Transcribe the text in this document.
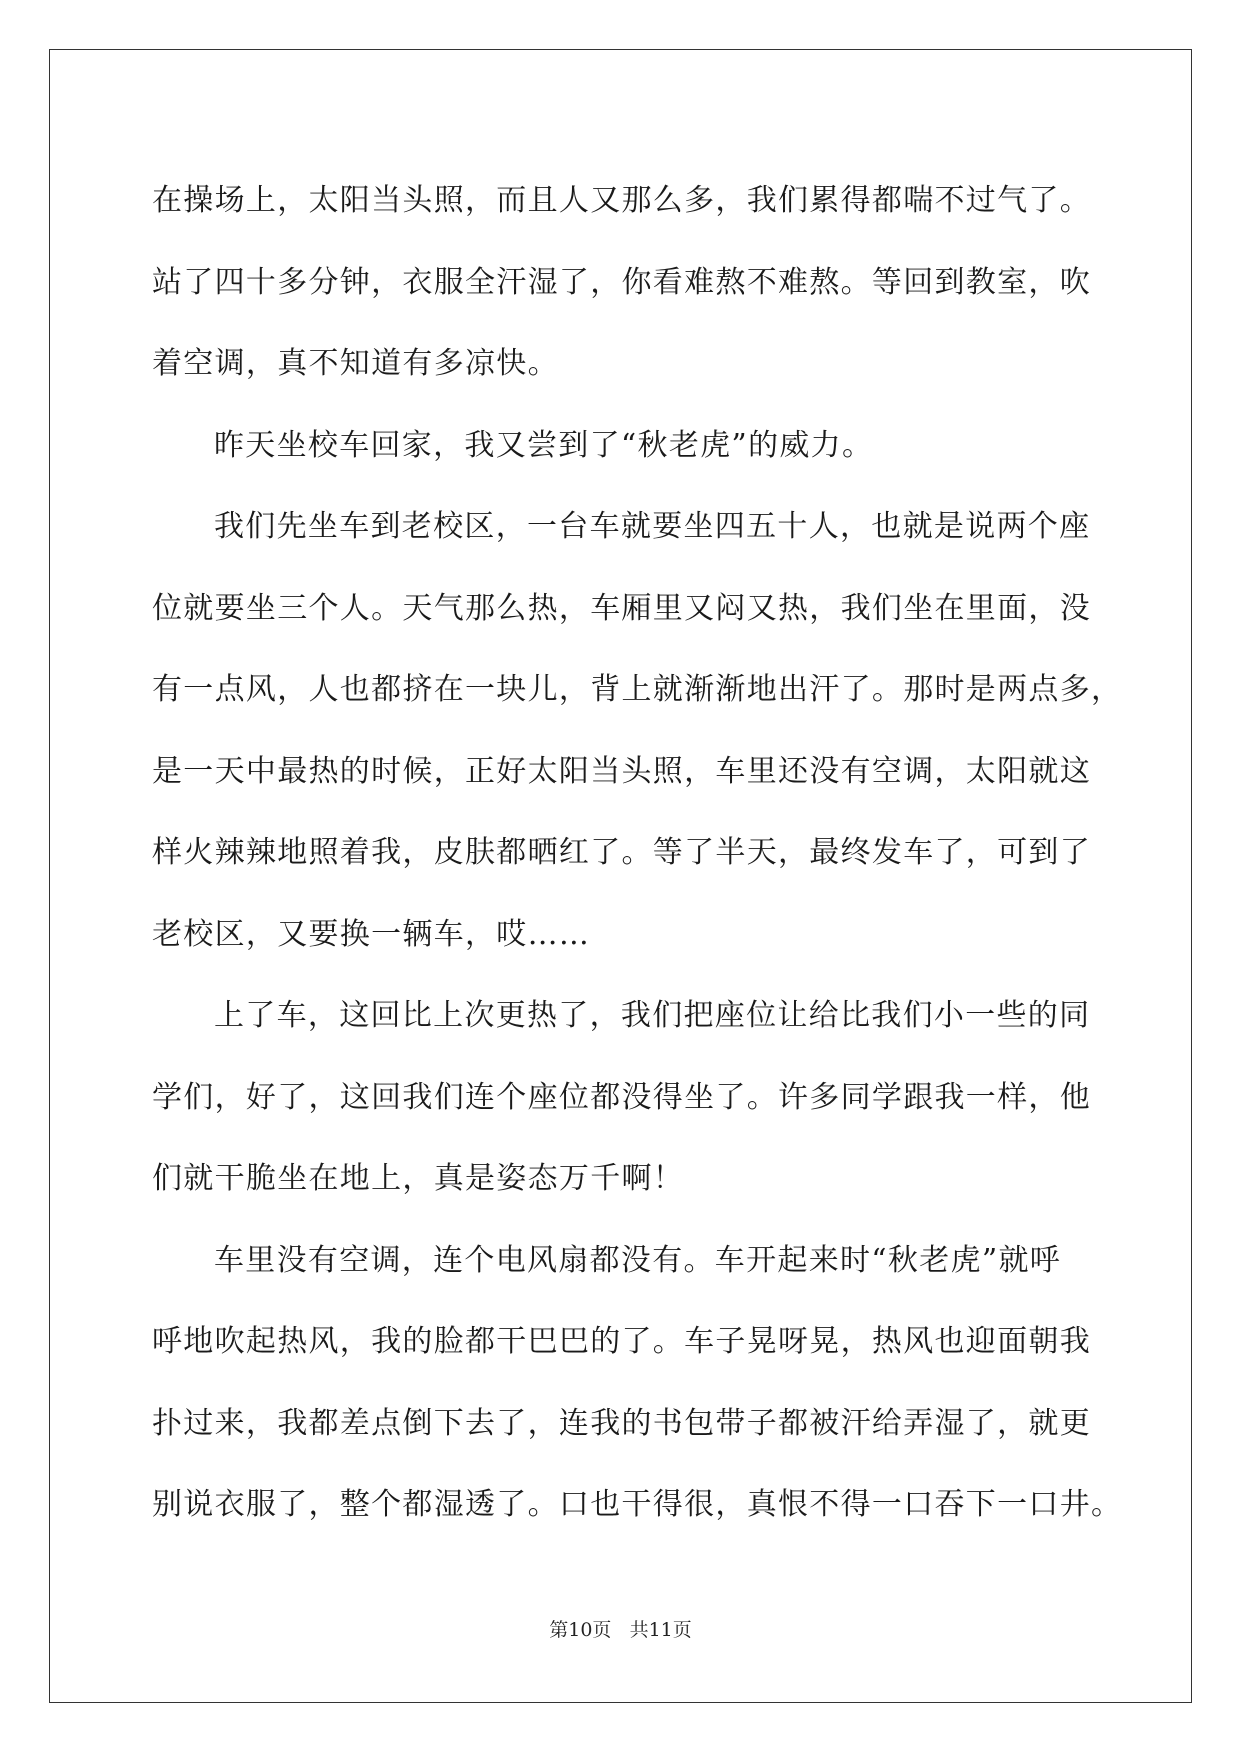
在操场上，太阳当头照，而且人又那么多，我们累得都喘不过气了。
站了四十多分钟，衣服全汗湿了，你看难熬不难熬。等回到教室，吹
着空调，真不知道有多凉快。
昨天坐校车回家，我又尝到了“秋老虎”的威力。
我们先坐车到老校区，一台车就要坐四五十人，也就是说两个座
位就要坐三个人。天气那么热，车厢里又闷又热，我们坐在里面，没
有一点风，人也都挤在一块儿，背上就渐渐地出汗了。那时是两点多，
是一天中最热的时候，正好太阳当头照，车里还没有空调，太阳就这
样火辣辣地照着我，皮肤都晒红了。等了半天，最终发车了，可到了
老校区，又要换一辆车，哎……
上了车，这回比上次更热了，我们把座位让给比我们小一些的同
学们，好了，这回我们连个座位都没得坐了。许多同学跟我一样，他
们就干脆坐在地上，真是姿态万千啊！
车里没有空调，连个电风扇都没有。车开起来时“秋老虎”就呼
呼地吹起热风，我的脸都干巴巴的了。车子晃呀晃，热风也迎面朝我
扑过来，我都差点倒下去了，连我的书包带子都被汗给弄湿了，就更
别说衣服了，整个都湿透了。口也干得很，真恨不得一口吞下一口井。
第10页 共11页
